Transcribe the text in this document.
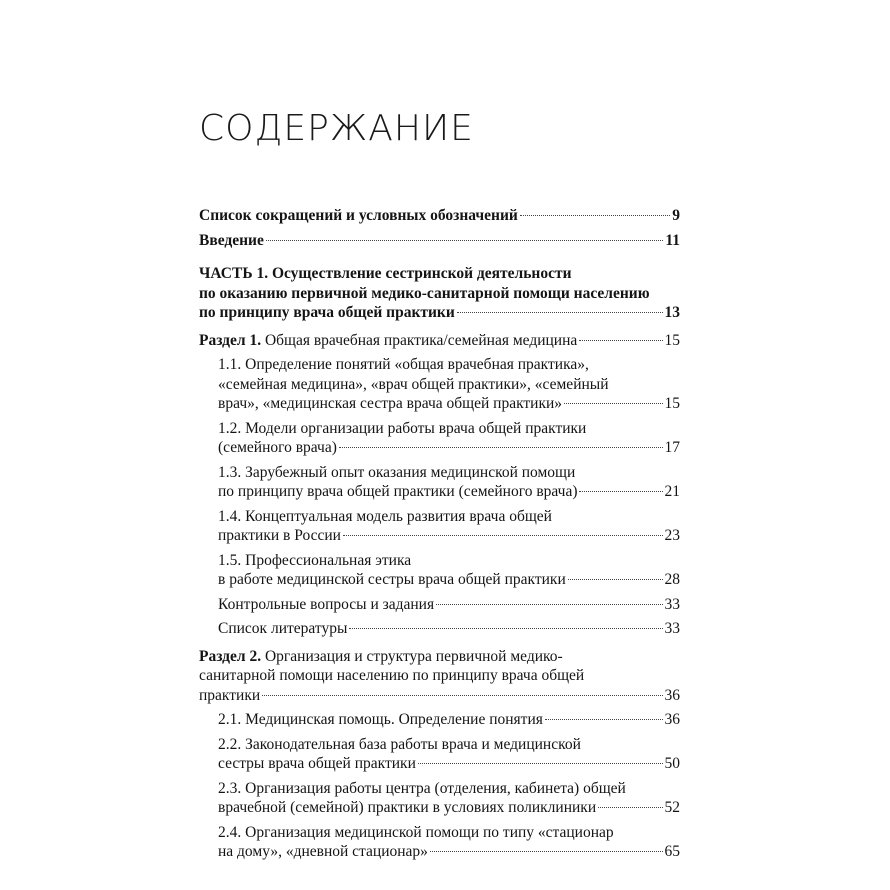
СОДЕРЖАНИЕ
Список сокращений и условных обозначений	9
Введение	11
ЧАСТЬ 1. Осуществление сестринской деятельности
по оказанию первичной медико-санитарной помощи населению
по принципу врача общей практики	13
Раздел 1. Общая врачебная практика/семейная медицина	15
1.1. Определение понятий «общая врачебная практика»,
«семейная медицина», «врач общей практики», «семейный
врач», «медицинская сестра врача общей практики»	15
1.2. Модели организации работы врача общей практики
(семейного врача)	17
1.3. Зарубежный опыт оказания медицинской помощи
по принципу врача общей практики (семейного врача)	21
1.4. Концептуальная модель развития врача общей
практики в России	23
1.5. Профессиональная этика
в работе медицинской сестры врача общей практики	28
Контрольные вопросы и задания	33
Список литературы	33
Раздел 2. Организация и структура первичной медико-
санитарной помощи населению по принципу врача общей
практики	36
2.1. Медицинская помощь. Определение понятия	36
2.2. Законодательная база работы врача и медицинской
сестры врача общей практики	50
2.3. Организация работы центра (отделения, кабинета) общей
врачебной (семейной) практики в условиях поликлиники	52
2.4. Организация медицинской помощи по типу «стационар
на дому», «дневной стационар»	65
